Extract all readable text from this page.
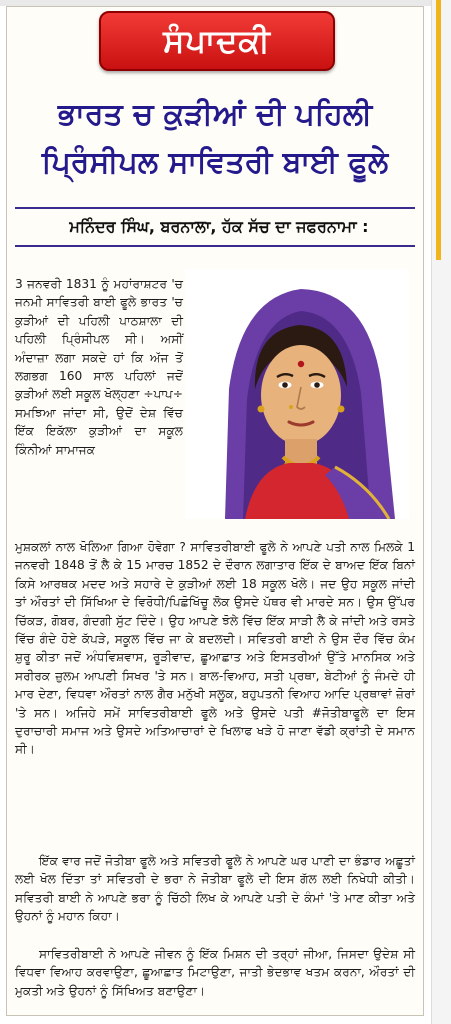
ਸੰਪਾਦਕੀ
ਭਾਰਤ ਚ ਕੁੜੀਆਂ ਦੀ ਪਹਿਲੀ
ਪ੍ਰਿੰਸੀਪਲ ਸਾਵਿਤਰੀ ਬਾਈ ਫੂਲੇ
ਮਨਿੰਦਰ ਸਿੰਘ, ਬਰਨਾਲਾ, ਹੱਕ ਸੱਚ ਦਾ ਜਫਰਨਾਮਾ :

3 ਜਨਵਰੀ 1831 ਨੂੰ ਮਹਾਂਰਾਸ਼ਟਰ 'ਚ ਜਨਮੀ ਸਾਵਿਤਰੀ ਬਾਈ ਫੂਲੇ ਭਾਰਤ 'ਚ ਕੁੜੀਆਂ ਦੀ ਪਹਿਲੀ ਪਾਠਸ਼ਾਲਾ ਦੀ ਪਹਿਲੀ ਪ੍ਰਿੰਸੀਪਲ ਸੀ। ਅਸੀਂ ਅੰਦਾਜ਼ਾ ਲਗਾ ਸਕਦੇ ਹਾਂ ਕਿ ਅੱਜ ਤੋਂ ਲਗਭਗ 160 ਸਾਲ ਪਹਿਲਾਂ ਜਦੋਂ ਕੁੜੀਆਂ ਲਈ ਸਕੂਲ ਖੋਲ੍ਹਣਾ ÷ਪਾਪ÷ ਸਮਝਿਆ ਜਾਂਦਾ ਸੀ, ਉਦੋਂ ਦੇਸ਼ ਵਿੱਚ ਇੱਕ ਇਕੱਲਾ ਕੁੜੀਆਂ ਦਾ ਸਕੂਲ ਕਿੰਨੀਆਂ ਸਾਮਾਜਕ

ਮੁਸ਼ਕਲਾਂ ਨਾਲ ਖੋਲਿਆ ਗਿਆ ਹੋਵੇਗਾ ? ਸਾਵਿਤਰੀਬਾਈ ਫੂਲੇ ਨੇ ਆਪਣੇ ਪਤੀ ਨਾਲ ਮਿਲਕੇ 1 ਜਨਵਰੀ 1848 ਤੋਂ ਲੈ ਕੇ 15 ਮਾਰਚ 1852 ਦੇ ਦੌਰਾਨ ਲਗਾਤਾਰ ਇੱਕ ਦੇ ਬਾਅਦ ਇੱਕ ਬਿਨਾਂ ਕਿਸੇ ਆਰਥਕ ਮਦਦ ਅਤੇ ਸਹਾਰੇ ਦੇ ਕੁੜੀਆਂ ਲਈ 18 ਸਕੂਲ ਖੋਲੇ। ਜਦ ਉਹ ਸਕੂਲ ਜਾਂਦੀ ਤਾਂ ਔਰਤਾਂ ਦੀ ਸਿੱਖਿਆ ਦੇ ਵਿਰੋਧੀ/ਪਿਛੋਖਿੱਚੂ ਲੋਕ ਉਸਦੇ ਪੱਥਰ ਵੀ ਮਾਰਦੇ ਸਨ। ਉਸ ਉੱਪਰ ਚਿੱਕੜ, ਗੋਬਰ, ਗੰਦਗੀ ਸੁੱਟ ਦਿੰਦੇ। ਉਹ ਆਪਣੇ ਝੋਲੇ ਵਿੱਚ ਇੱਕ ਸਾੜੀ ਲੈ ਕੇ ਜਾਂਦੀ ਅਤੇ ਰਸਤੇ ਵਿੱਚ ਗੰਦੇ ਹੋਏ ਕੱਪੜੇ, ਸਕੂਲ ਵਿੱਚ ਜਾ ਕੇ ਬਦਲਦੀ। ਸਵਿਤਰੀ ਬਾਈ ਨੇ ਉਸ ਦੌਰ ਵਿੱਚ ਕੰਮ ਸ਼ੁਰੂ ਕੀਤਾ ਜਦੋਂ ਅੰਧਵਿਸ਼ਵਾਸ, ਰੂੜੀਵਾਦ, ਛੂਆਛਾਤ ਅਤੇ ਇਸਤਰੀਆਂ ਉੱਤੇ ਮਾਨਸਿਕ ਅਤੇ ਸਰੀਰਕ ਜ਼ੁਲਮ ਆਪਣੀ ਸਿਖਰ 'ਤੇ ਸਨ। ਬਾਲ-ਵਿਆਹ, ਸਤੀ ਪ੍ਰਥਾ, ਬੇਟੀਆਂ ਨੂੰ ਜੰਮਦੇ ਹੀ ਮਾਰ ਦੇਣਾ, ਵਿਧਵਾ ਔਰਤਾਂ ਨਾਲ ਗੈਰ ਮਨੁੱਖੀ ਸਲੂਕ, ਬਹੁਪਤਨੀ ਵਿਆਹ ਆਦਿ ਪ੍ਰਥਾਵਾਂ ਜ਼ੋਰਾਂ 'ਤੇ ਸਨ। ਅਜਿਹੇ ਸਮੇਂ ਸਾਵਿਤਰੀਬਾਈ ਫੂਲੇ ਅਤੇ ਉਸਦੇ ਪਤੀ #ਜੋਤੀਬਾਫੂਲੇ ਦਾ ਇਸ ਦੁਰਾਚਾਰੀ ਸਮਾਜ ਅਤੇ ਉਸਦੇ ਅਤਿਆਚਾਰਾਂ ਦੇ ਖਿਲਾਫ ਖੜੇ ਹੋ ਜਾਣਾ ਵੱਡੀ ਕ੍ਰਾਂਤੀ ਦੇ ਸਮਾਨ ਸੀ।

ਇੱਕ ਵਾਰ ਜਦੋਂ ਜੋਤੀਬਾ ਫੂਲੇ ਅਤੇ ਸਵਿਤਰੀ ਫੂਲੇ ਨੇ ਆਪਣੇ ਘਰ ਪਾਣੀ ਦਾ ਭੰਡਾਰ ਅਛੂਤਾਂ ਲਈ ਖੋਲ ਦਿੱਤਾ ਤਾਂ ਸਵਿਤਰੀ ਦੇ ਭਰਾ ਨੇ ਜੋਤੀਬਾ ਫੂਲੇ ਦੀ ਇਸ ਗੱਲ ਲਈ ਨਿਖੇਧੀ ਕੀਤੀ। ਸਵਿਤਰੀ ਬਾਈ ਨੇ ਆਪਣੇ ਭਰਾ ਨੂੰ ਚਿੱਠੀ ਲਿਖ ਕੇ ਆਪਣੇ ਪਤੀ ਦੇ ਕੰਮਾਂ 'ਤੇ ਮਾਣ ਕੀਤਾ ਅਤੇ ਉਹਨਾਂ ਨੂੰ ਮਹਾਨ ਕਿਹਾ।

ਸਾਵਿਤਰੀਬਾਈ ਨੇ ਆਪਣੇ ਜੀਵਨ ਨੂੰ ਇੱਕ ਮਿਸ਼ਨ ਦੀ ਤਰ੍ਹਾਂ ਜੀਆ, ਜਿਸਦਾ ਉਦੇਸ਼ ਸੀ ਵਿਧਵਾ ਵਿਆਹ ਕਰਵਾਉਣਾ, ਛੂਆਛਾਤ ਮਿਟਾਉਣਾ, ਜਾਤੀ ਭੇਦਭਾਵ ਖਤਮ ਕਰਨਾ, ਔਰਤਾਂ ਦੀ ਮੁਕਤੀ ਅਤੇ ਉਹਨਾਂ ਨੂੰ ਸਿੱਖਿਅਤ ਬਣਾਉਣਾ।
